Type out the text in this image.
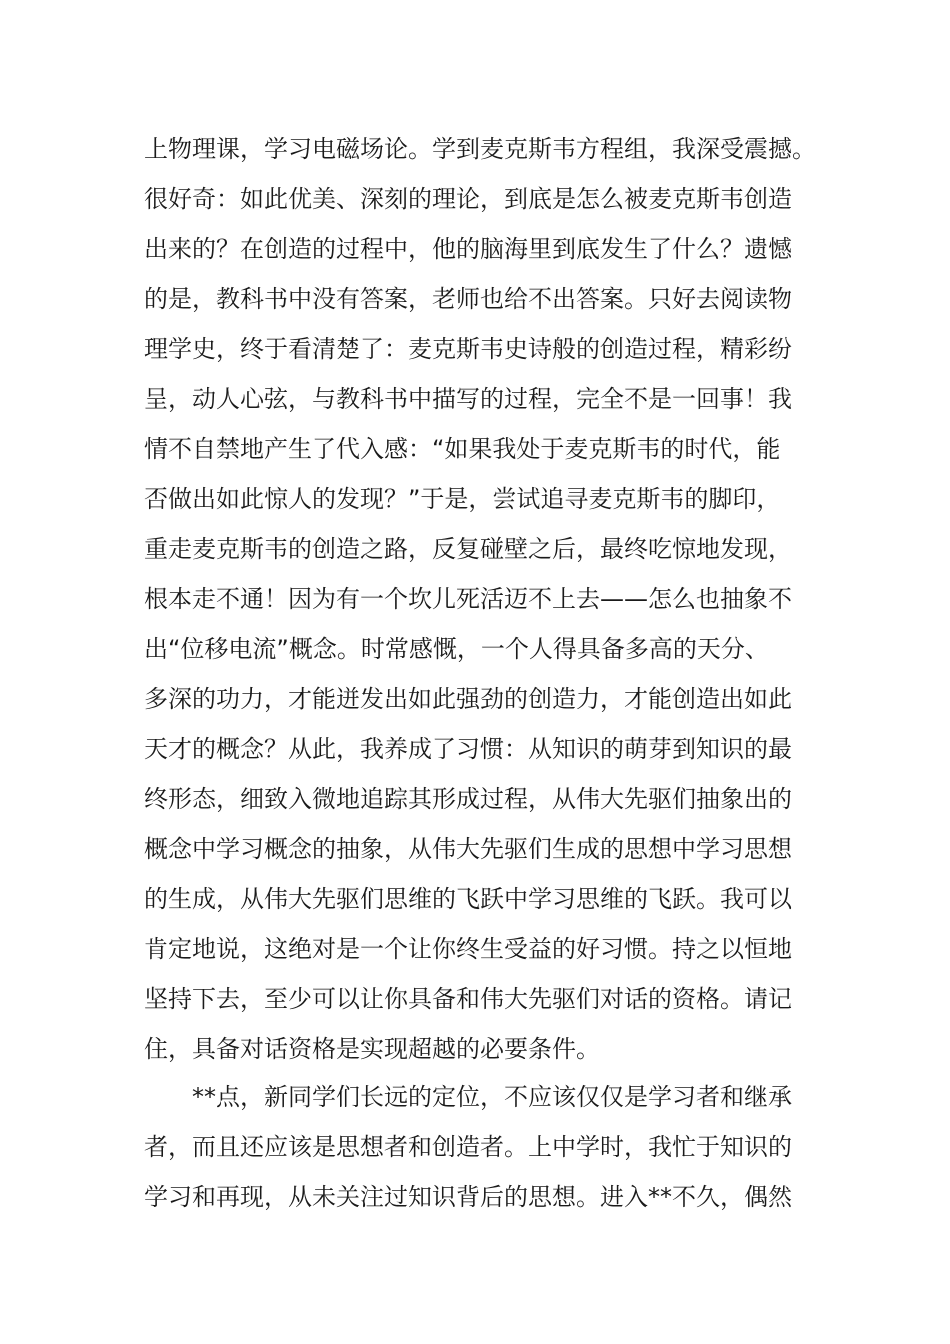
上物理课，学习电磁场论。学到麦克斯韦方程组，我深受震撼。
很好奇：如此优美、深刻的理论，到底是怎么被麦克斯韦创造
出来的？在创造的过程中，他的脑海里到底发生了什么？遗憾
的是，教科书中没有答案，老师也给不出答案。只好去阅读物
理学史，终于看清楚了：麦克斯韦史诗般的创造过程，精彩纷
呈，动人心弦，与教科书中描写的过程，完全不是一回事！我
情不自禁地产生了代入感：“如果我处于麦克斯韦的时代，能
否做出如此惊人的发现？”于是，尝试追寻麦克斯韦的脚印，
重走麦克斯韦的创造之路，反复碰壁之后，最终吃惊地发现，
根本走不通！因为有一个坎儿死活迈不上去——怎么也抽象不
出“位移电流”概念。时常感慨，一个人得具备多高的天分、
多深的功力，才能迸发出如此强劲的创造力，才能创造出如此
天才的概念？从此，我养成了习惯：从知识的萌芽到知识的最
终形态，细致入微地追踪其形成过程，从伟大先驱们抽象出的
概念中学习概念的抽象，从伟大先驱们生成的思想中学习思想
的生成，从伟大先驱们思维的飞跃中学习思维的飞跃。我可以
肯定地说，这绝对是一个让你终生受益的好习惯。持之以恒地
坚持下去，至少可以让你具备和伟大先驱们对话的资格。请记
住，具备对话资格是实现超越的必要条件。
　　**点，新同学们长远的定位，不应该仅仅是学习者和继承
者，而且还应该是思想者和创造者。上中学时，我忙于知识的
学习和再现，从未关注过知识背后的思想。进入**不久，偶然
